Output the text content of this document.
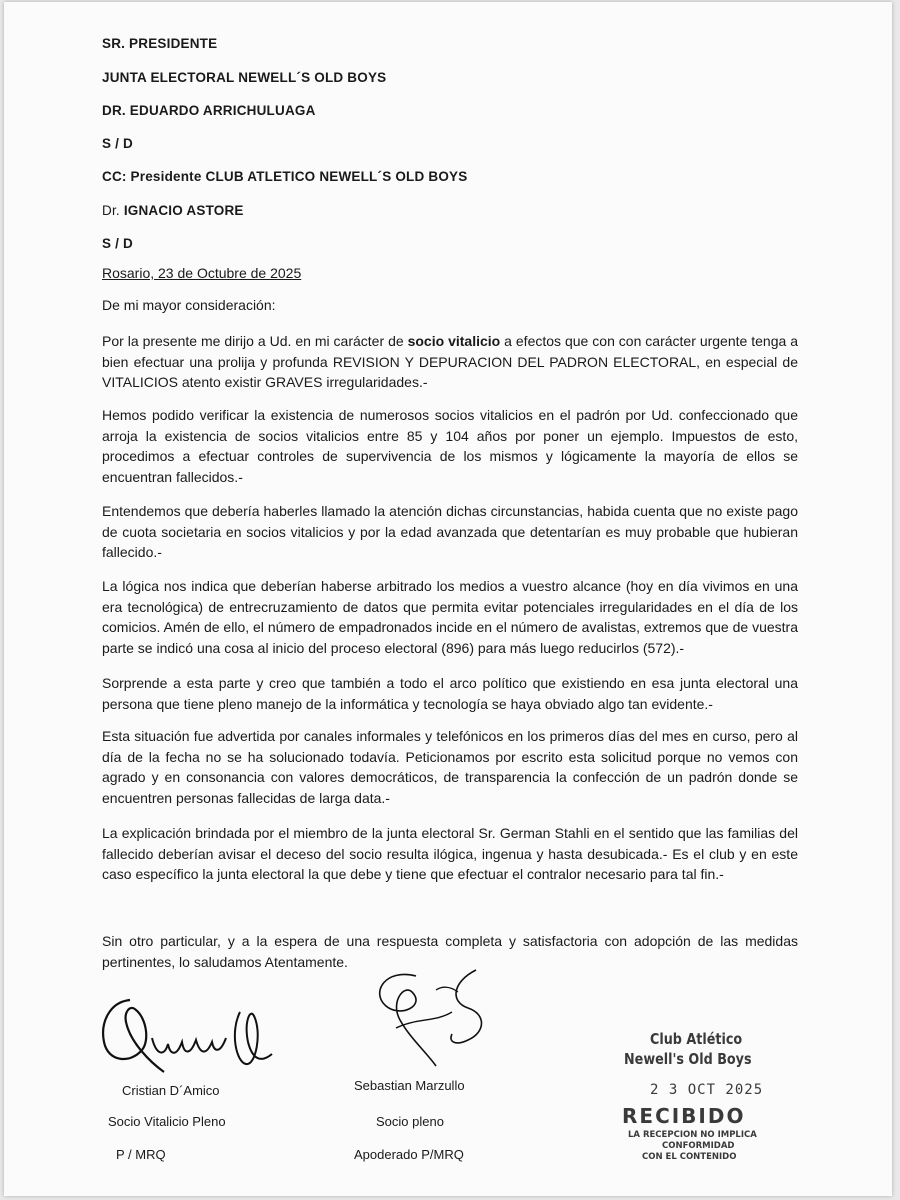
SR. PRESIDENTE
JUNTA ELECTORAL NEWELL´S OLD BOYS
DR. EDUARDO ARRICHULUAGA
S / D
CC: Presidente CLUB ATLETICO NEWELL´S OLD BOYS
Dr. IGNACIO ASTORE
S / D
Rosario, 23 de Octubre de 2025
De mi mayor consideración:
Por la presente me dirijo a Ud. en mi carácter de socio vitalicio a efectos que con con carácter urgente tenga a bien efectuar una prolija y profunda REVISION Y DEPURACION DEL PADRON ELECTORAL, en especial de VITALICIOS atento existir GRAVES irregularidades.-
Hemos podido verificar la existencia de numerosos socios vitalicios en el padrón por Ud. confeccionado que arroja la existencia de socios vitalicios entre 85 y 104 años por poner un ejemplo. Impuestos de esto, procedimos a efectuar controles de supervivencia de los mismos y lógicamente la mayoría de ellos se encuentran fallecidos.-
Entendemos que debería haberles llamado la atención dichas circunstancias, habida cuenta que no existe pago de cuota societaria en socios vitalicios y por la edad avanzada que detentarían es muy probable que hubieran fallecido.-
La lógica nos indica que deberían haberse arbitrado los medios a vuestro alcance (hoy en día vivimos en una era tecnológica) de entrecruzamiento de datos que permita evitar potenciales irregularidades en el día de los comicios. Amén de ello, el número de empadronados incide en el número de avalistas, extremos que de vuestra parte se indicó una cosa al inicio del proceso electoral (896) para más luego reducirlos (572).-
Sorprende a esta parte y creo que también a todo el arco político que existiendo en esa junta electoral una persona que tiene pleno manejo de la informática y tecnología se haya obviado algo tan evidente.-
Esta situación fue advertida por canales informales y telefónicos en los primeros días del mes en curso, pero al día de la fecha no se ha solucionado todavía. Peticionamos por escrito esta solicitud porque no vemos con agrado y en consonancia con valores democráticos, de transparencia la confección de un padrón donde se encuentren personas fallecidas de larga data.-
La explicación brindada por el miembro de la junta electoral Sr. German Stahli en el sentido que las familias del fallecido deberían avisar el deceso del socio resulta ilógica, ingenua y hasta desubicada.- Es el club y en este caso específico la junta electoral la que debe y tiene que efectuar el contralor necesario para tal fin.-
Sin otro particular, y a la espera de una respuesta completa y satisfactoria con adopción de las medidas pertinentes, lo saludamos Atentamente.
Cristian D´Amico
Socio Vitalicio Pleno
P / MRQ
Sebastian Marzullo
Socio pleno
Apoderado P/MRQ
Club Atlético
Newell's Old Boys
2 3 OCT 2025
RECIBIDO
LA RECEPCION NO IMPLICA
CONFORMIDAD
CON EL CONTENIDO
